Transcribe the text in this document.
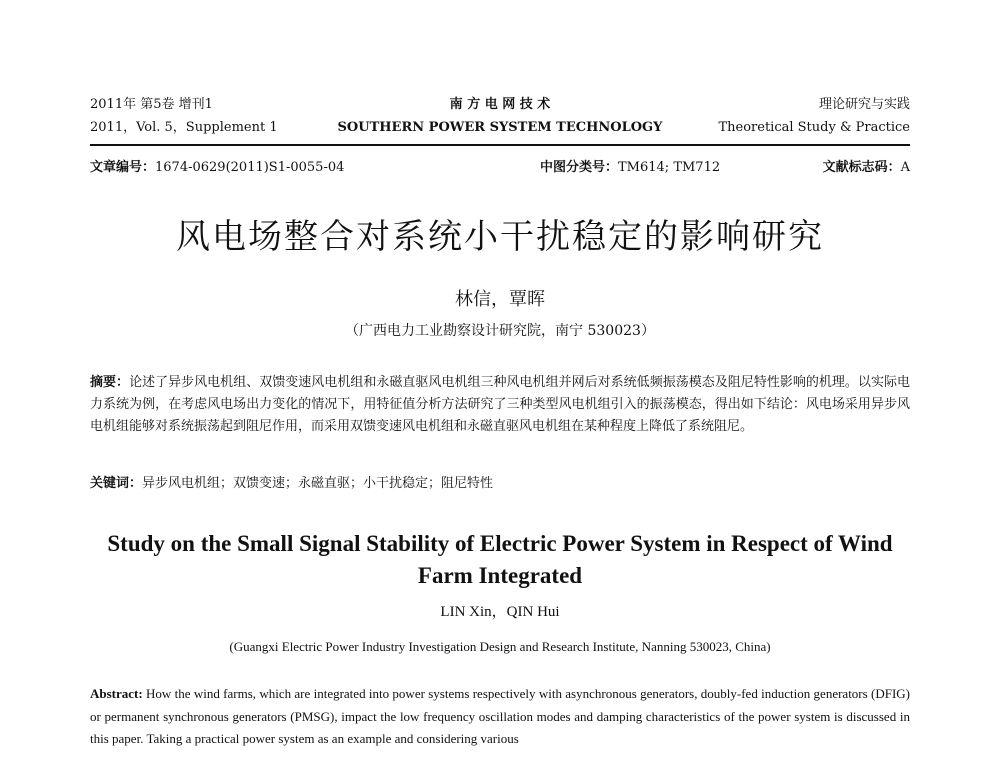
2011年 第5卷 增刊1	南 方 电 网 技 术	理论研究与实践
2011，Vol. 5，Supplement 1	SOUTHERN POWER SYSTEM TECHNOLOGY	Theoretical Study & Practice
文章编号：1674-0629(2011)S1-0055-04	中图分类号：TM614; TM712	文献标志码：A
风电场整合对系统小干扰稳定的影响研究
林信，覃晖
（广西电力工业勘察设计研究院，南宁 530023）
摘要：论述了异步风电机组、双馈变速风电机组和永磁直驱风电机组三种风电机组并网后对系统低频振荡模态及阻尼特性影响的机理。以实际电力系统为例，在考虑风电场出力变化的情况下，用特征值分析方法研究了三种类型风电机组引入的振荡模态，得出如下结论：风电场采用异步风电机组能够对系统振荡起到阻尼作用，而采用双馈变速风电机组和永磁直驱风电机组在某种程度上降低了系统阻尼。
关键词：异步风电机组；双馈变速；永磁直驱；小干扰稳定；阻尼特性
Study on the Small Signal Stability of Electric Power System in Respect of Wind Farm Integrated
LIN Xin，QIN Hui
(Guangxi Electric Power Industry Investigation Design and Research Institute, Nanning 530023, China)
Abstract: How the wind farms, which are integrated into power systems respectively with asynchronous generators, doubly-fed induction generators (DFIG) or permanent synchronous generators (PMSG), impact the low frequency oscillation modes and damping characteristics of the power system is discussed in this paper. Taking a practical power system as an example and considering various
